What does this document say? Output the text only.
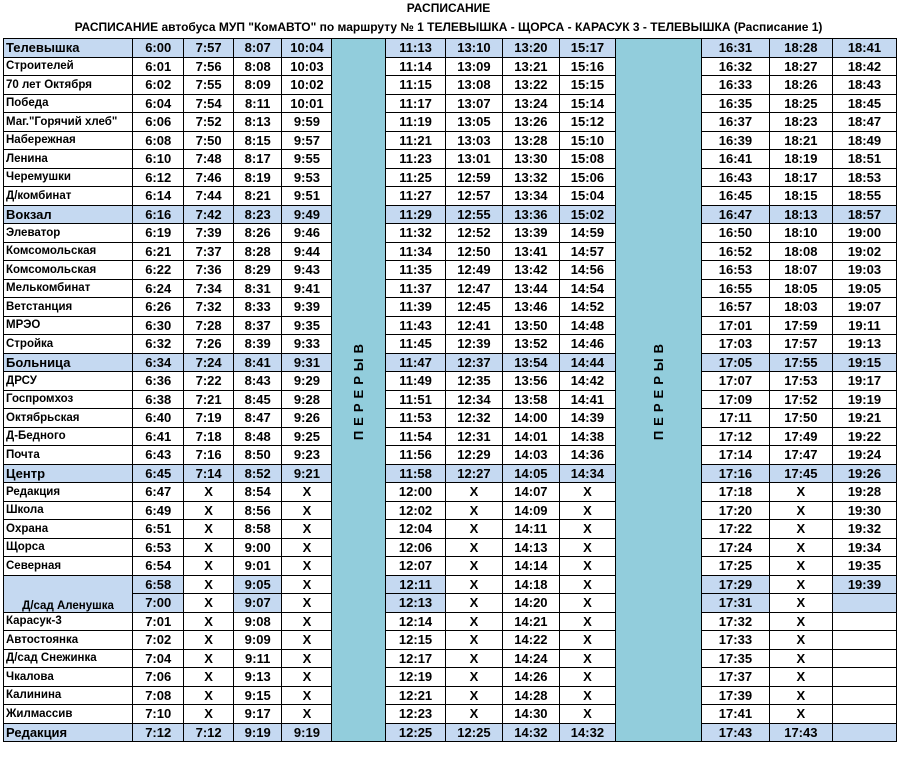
РАСПИСАНИЕ
РАСПИСАНИЕ автобуса МУП "КомАВТО" по маршруту № 1 ТЕЛЕВЫШКА - ЩОРСА - КАРАСУК 3 - ТЕЛЕВЫШКА (Расписание 1)
Телевышка	6:00	7:57	8:07	10:04	ПЕРЕРЫВ	11:13	13:10	13:20	15:17	ПЕРЕРЫВ	16:31	18:28	18:41
Строителей	6:01	7:56	8:08	10:03		11:14	13:09	13:21	15:16		16:32	18:27	18:42
70 лет Октября	6:02	7:55	8:09	10:02		11:15	13:08	13:22	15:15		16:33	18:26	18:43
Победа	6:04	7:54	8:11	10:01		11:17	13:07	13:24	15:14		16:35	18:25	18:45
Маг."Горячий хлеб"	6:06	7:52	8:13	9:59		11:19	13:05	13:26	15:12		16:37	18:23	18:47
Набережная	6:08	7:50	8:15	9:57		11:21	13:03	13:28	15:10		16:39	18:21	18:49
Ленина	6:10	7:48	8:17	9:55		11:23	13:01	13:30	15:08		16:41	18:19	18:51
Черемушки	6:12	7:46	8:19	9:53		11:25	12:59	13:32	15:06		16:43	18:17	18:53
Д/комбинат	6:14	7:44	8:21	9:51		11:27	12:57	13:34	15:04		16:45	18:15	18:55
Вокзал	6:16	7:42	8:23	9:49		11:29	12:55	13:36	15:02		16:47	18:13	18:57
Элеватор	6:19	7:39	8:26	9:46		11:32	12:52	13:39	14:59		16:50	18:10	19:00
Комсомольская	6:21	7:37	8:28	9:44		11:34	12:50	13:41	14:57		16:52	18:08	19:02
Комсомольская	6:22	7:36	8:29	9:43		11:35	12:49	13:42	14:56		16:53	18:07	19:03
Мелькомбинат	6:24	7:34	8:31	9:41		11:37	12:47	13:44	14:54		16:55	18:05	19:05
Ветстанция	6:26	7:32	8:33	9:39		11:39	12:45	13:46	14:52		16:57	18:03	19:07
МРЭО	6:30	7:28	8:37	9:35		11:43	12:41	13:50	14:48		17:01	17:59	19:11
Стройка	6:32	7:26	8:39	9:33		11:45	12:39	13:52	14:46		17:03	17:57	19:13
Больница	6:34	7:24	8:41	9:31		11:47	12:37	13:54	14:44		17:05	17:55	19:15
ДРСУ	6:36	7:22	8:43	9:29		11:49	12:35	13:56	14:42		17:07	17:53	19:17
Госпромхоз	6:38	7:21	8:45	9:28		11:51	12:34	13:58	14:41		17:09	17:52	19:19
Октябрьская	6:40	7:19	8:47	9:26		11:53	12:32	14:00	14:39		17:11	17:50	19:21
Д-Бедного	6:41	7:18	8:48	9:25		11:54	12:31	14:01	14:38		17:12	17:49	19:22
Почта	6:43	7:16	8:50	9:23		11:56	12:29	14:03	14:36		17:14	17:47	19:24
Центр	6:45	7:14	8:52	9:21		11:58	12:27	14:05	14:34		17:16	17:45	19:26
Редакция	6:47	Х	8:54	Х		12:00	Х	14:07	Х		17:18	Х	19:28
Школа	6:49	Х	8:56	Х		12:02	Х	14:09	Х		17:20	Х	19:30
Охрана	6:51	Х	8:58	Х		12:04	Х	14:11	Х		17:22	Х	19:32
Щорса	6:53	Х	9:00	Х		12:06	Х	14:13	Х		17:24	Х	19:34
Северная	6:54	Х	9:01	Х		12:07	Х	14:14	Х		17:25	Х	19:35
Д/сад Аленушка	6:58	Х	9:05	Х		12:11	Х	14:18	Х		17:29	Х	19:39
	7:00	Х	9:07	Х		12:13	Х	14:20	Х		17:31	Х	
Карасук-3	7:01	Х	9:08	Х		12:14	Х	14:21	Х		17:32	Х	
Автостоянка	7:02	Х	9:09	Х		12:15	Х	14:22	Х		17:33	Х	
Д/сад Снежинка	7:04	Х	9:11	Х		12:17	Х	14:24	Х		17:35	Х	
Чкалова	7:06	Х	9:13	Х		12:19	Х	14:26	Х		17:37	Х	
Калинина	7:08	Х	9:15	Х		12:21	Х	14:28	Х		17:39	Х	
Жилмассив	7:10	Х	9:17	Х		12:23	Х	14:30	Х		17:41	Х	
Редакция	7:12	7:12	9:19	9:19		12:25	12:25	14:32	14:32		17:43	17:43	
